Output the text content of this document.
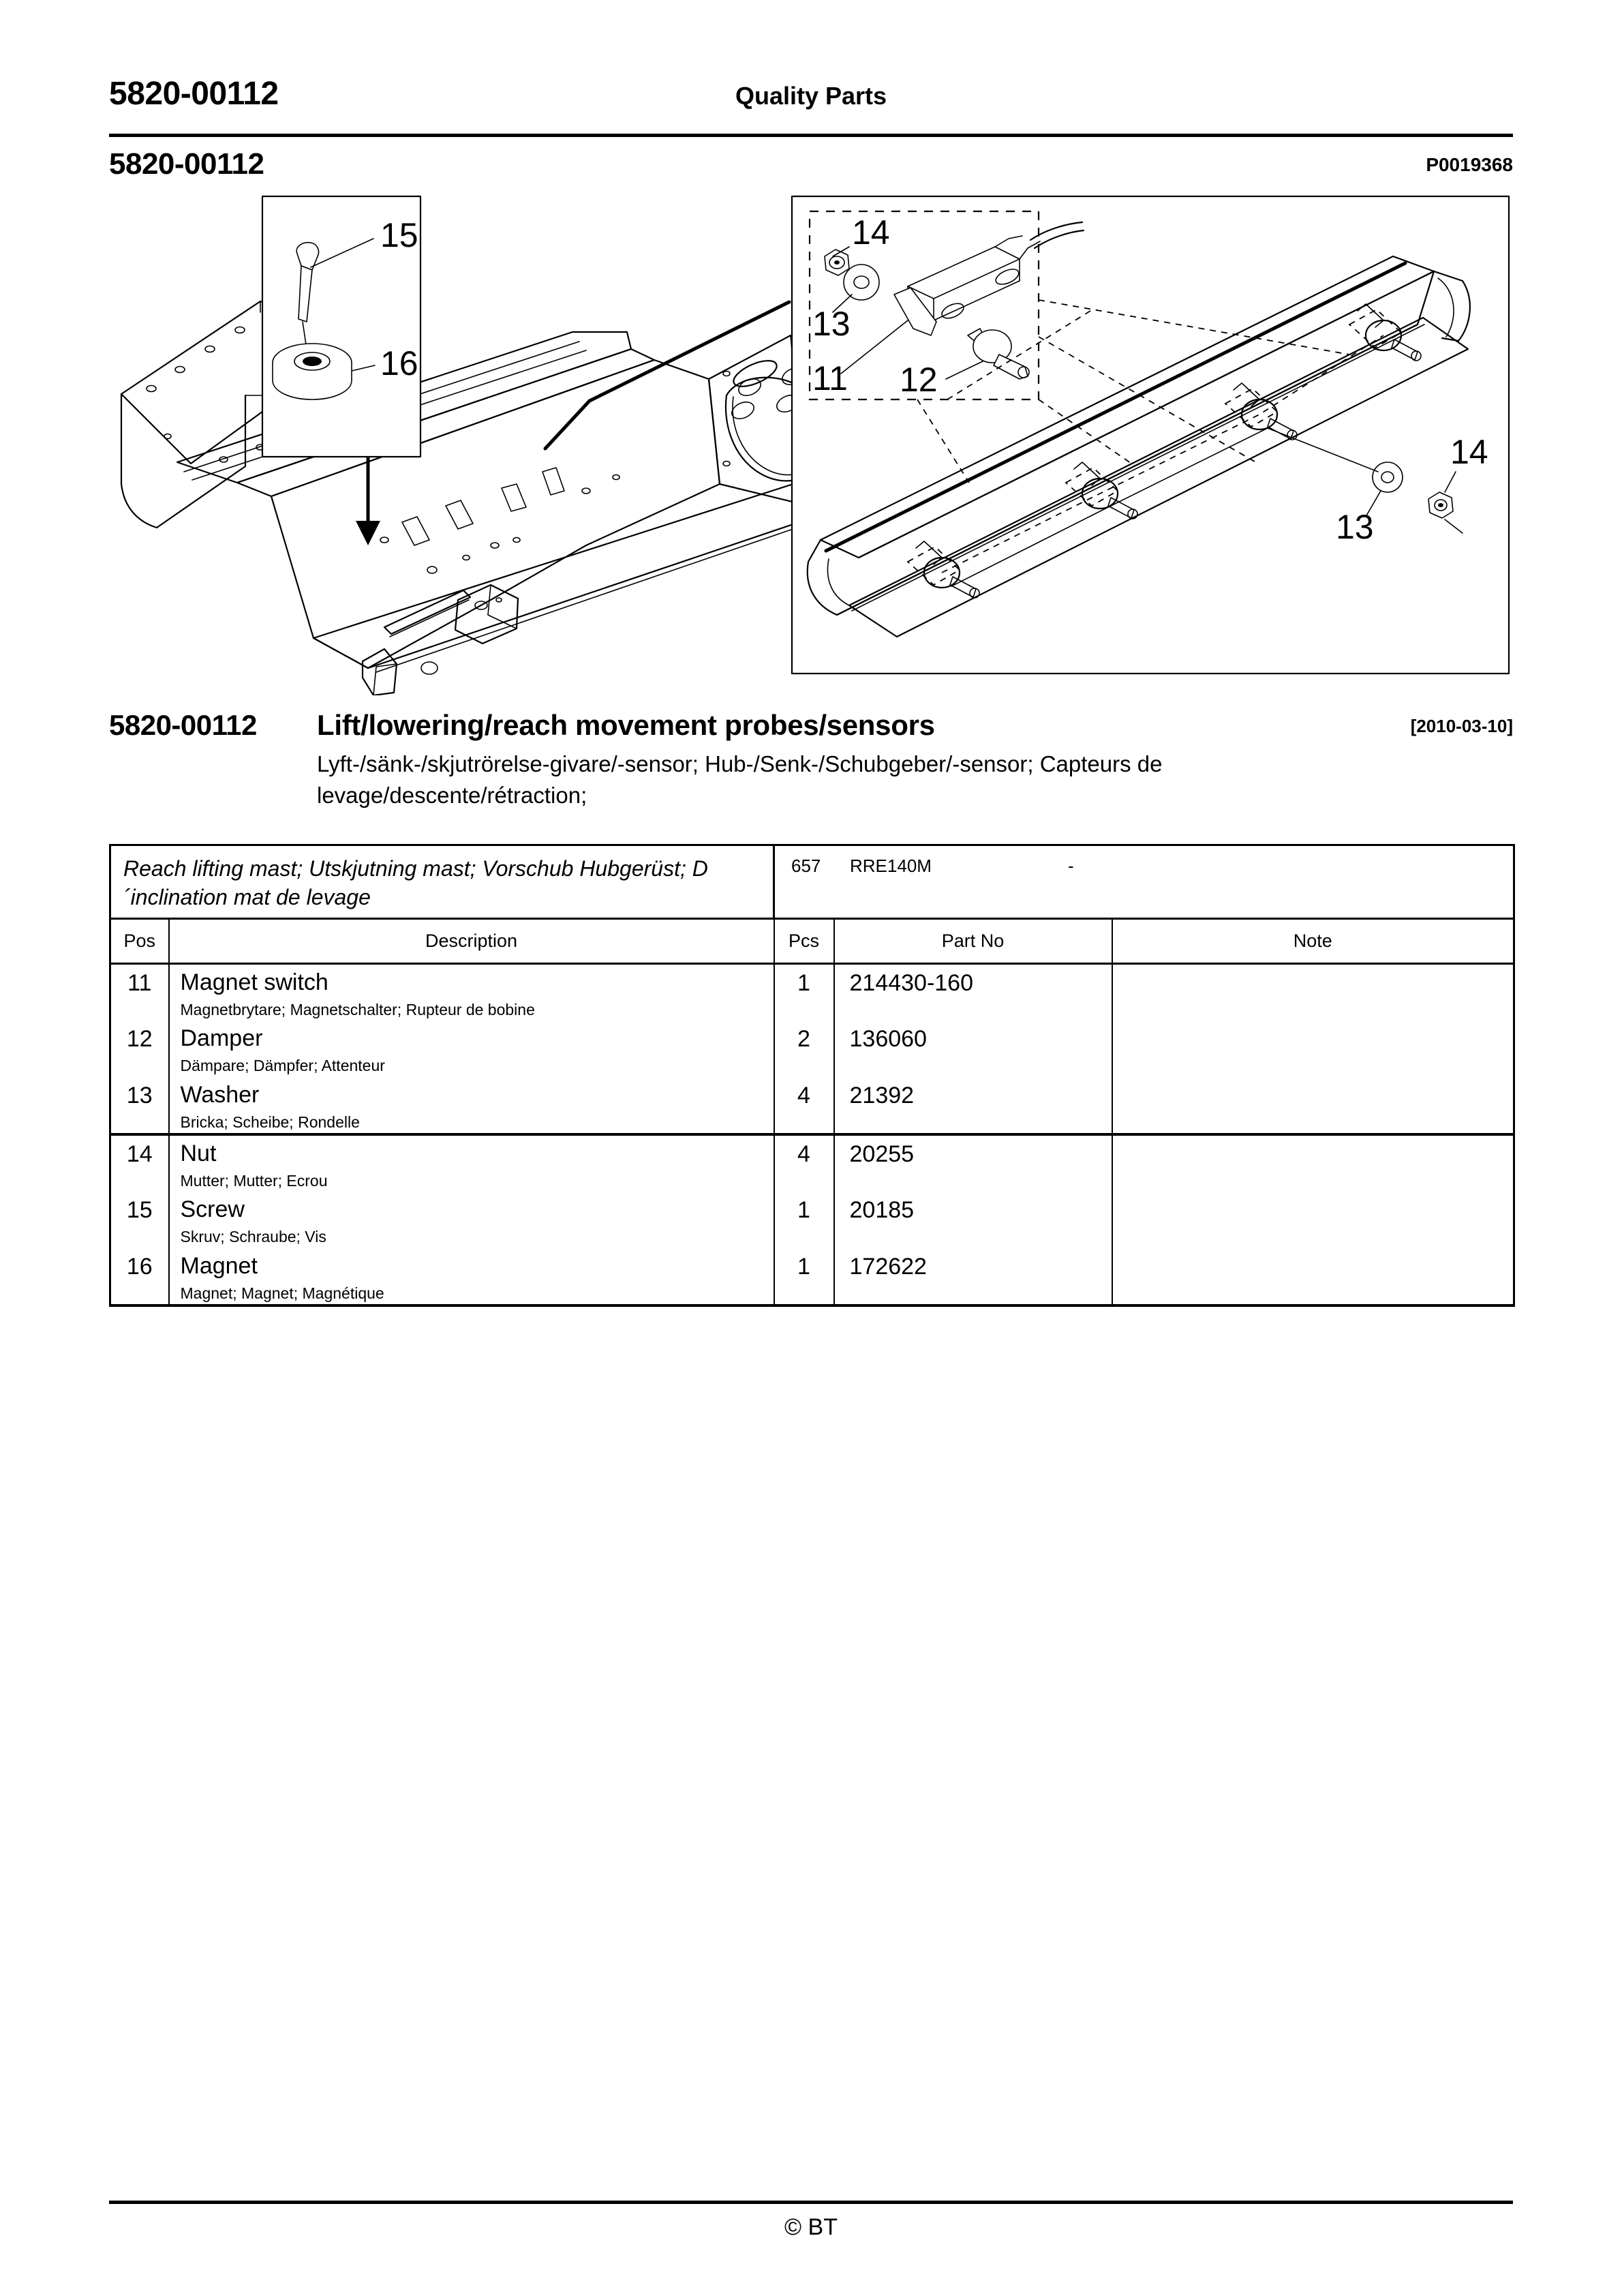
5820-00112	Quality Parts
5820-00112	P0019368
15
16
14
13
11 12
13
14
5820-00112 Lift/lowering/reach movement probes/sensors	[2010-03-10]
Lyft-/sänk-/skjutrörelse-givare/-sensor; Hub-/Senk-/Schubgeber/-sensor; Capteurs de levage/descente/rétraction;
Reach lifting mast; Utskjutning mast; Vorschub Hubgerüst; D´inclination mat de levage		657 RRE140M -		
Pos	Description	Pcs	Part No	Note
11	Magnet switch
Magnetbrytare; Magnetschalter; Rupteur de bobine	1	214430-160	
12	Damper
Dämpare; Dämpfer; Attenteur	2	136060	
13	Washer
Bricka; Scheibe; Rondelle	4	21392	
14	Nut
Mutter; Mutter; Ecrou	4	20255	
15	Screw
Skruv; Schraube; Vis	1	20185	
16	Magnet
Magnet; Magnet; Magnétique	1	172622	
© BT
